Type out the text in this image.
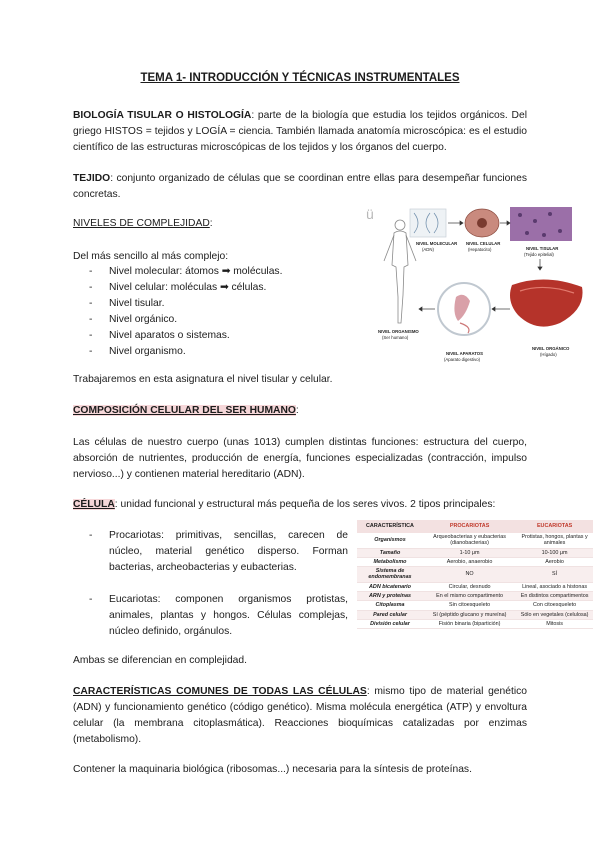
TEMA 1- INTRODUCCIÓN Y TÉCNICAS INSTRUMENTALES
BIOLOGÍA TISULAR O HISTOLOGÍA: parte de la biología que estudia los tejidos orgánicos. Del griego HISTOS = tejidos y LOGÍA = ciencia. También llamada anatomía microscópica: es el estudio científico de las estructuras microscópicas de los tejidos y los órganos del cuerpo.
TEJIDO: conjunto organizado de células que se coordinan entre ellas para desempeñar funciones concretas.
NIVELES DE COMPLEJIDAD:
Del más sencillo al más complejo:
- Nivel molecular: átomos ➡ moléculas.
- Nivel celular: moléculas ➡ células.
- Nivel tisular.
- Nivel orgánico.
- Nivel aparatos o sistemas.
- Nivel organismo.
Trabajaremos en esta asignatura el nivel tisular y celular.
ü
NIVEL ORGANISMO
(Ser humano)
NIVEL MOLECULAR
(ADN)
NIVEL CELULAR
(Hepatocito)	NIVEL TISULAR
(Tejido epitelial)
NIVEL APARATOS
(Aparato digestivo)
NIVEL ORGÁNICO
(Hígado)
COMPOSICIÓN CELULAR DEL SER HUMANO:
Las células de nuestro cuerpo (unas 1013) cumplen distintas funciones: estructura del cuerpo, absorción de nutrientes, producción de energía, funciones especializadas (contracción, impulso nervioso...) y contienen material hereditario (ADN).
CÉLULA: unidad funcional y estructural más pequeña de los seres vivos. 2 tipos principales:
- Procariotas: primitivas, sencillas, carecen de núcleo, material genético disperso. Forman bacterias, archeobacterias y eubacterias.
- Eucariotas: componen organismos protistas, animales, plantas y hongos. Células complejas, núcleo definido, orgánulos.
Ambas se diferencian en complejidad.
CARACTERÍSTICA	PROCARIOTAS	EUCARIOTAS
Organismos	Arqueobacterias y eubacterias (dianobacterias)	Protistas, hongos, plantas y animales
Tamaño	1-10 μm	10-100 μm
Metabolismo	Aerobio, anaerobio	Aerobio
Sistema de endomembranas	NO	SÍ
ADN bicatenario	Circular, desnudo	Lineal, asociado a histonas
ARN y proteínas	En el mismo compartimento	En distintos compartimentos
Citoplasma	Sin citoesqueleto	Con citoesqueleto
Pared celular	Sí (péptido glucano y mureína)	Sólo en vegetales (celulosa)
División celular	Fisión binaria (bipartición)	Mitosis
CARACTERÍSTICAS COMUNES DE TODAS LAS CÉLULAS: mismo tipo de material genético (ADN) y funcionamiento genético (código genético). Misma molécula energética (ATP) y envoltura celular (la membrana citoplasmática). Reacciones bioquímicas catalizadas por enzimas (metabolismo).
Contener la maquinaria biológica (ribosomas...) necesaria para la síntesis de proteínas.
